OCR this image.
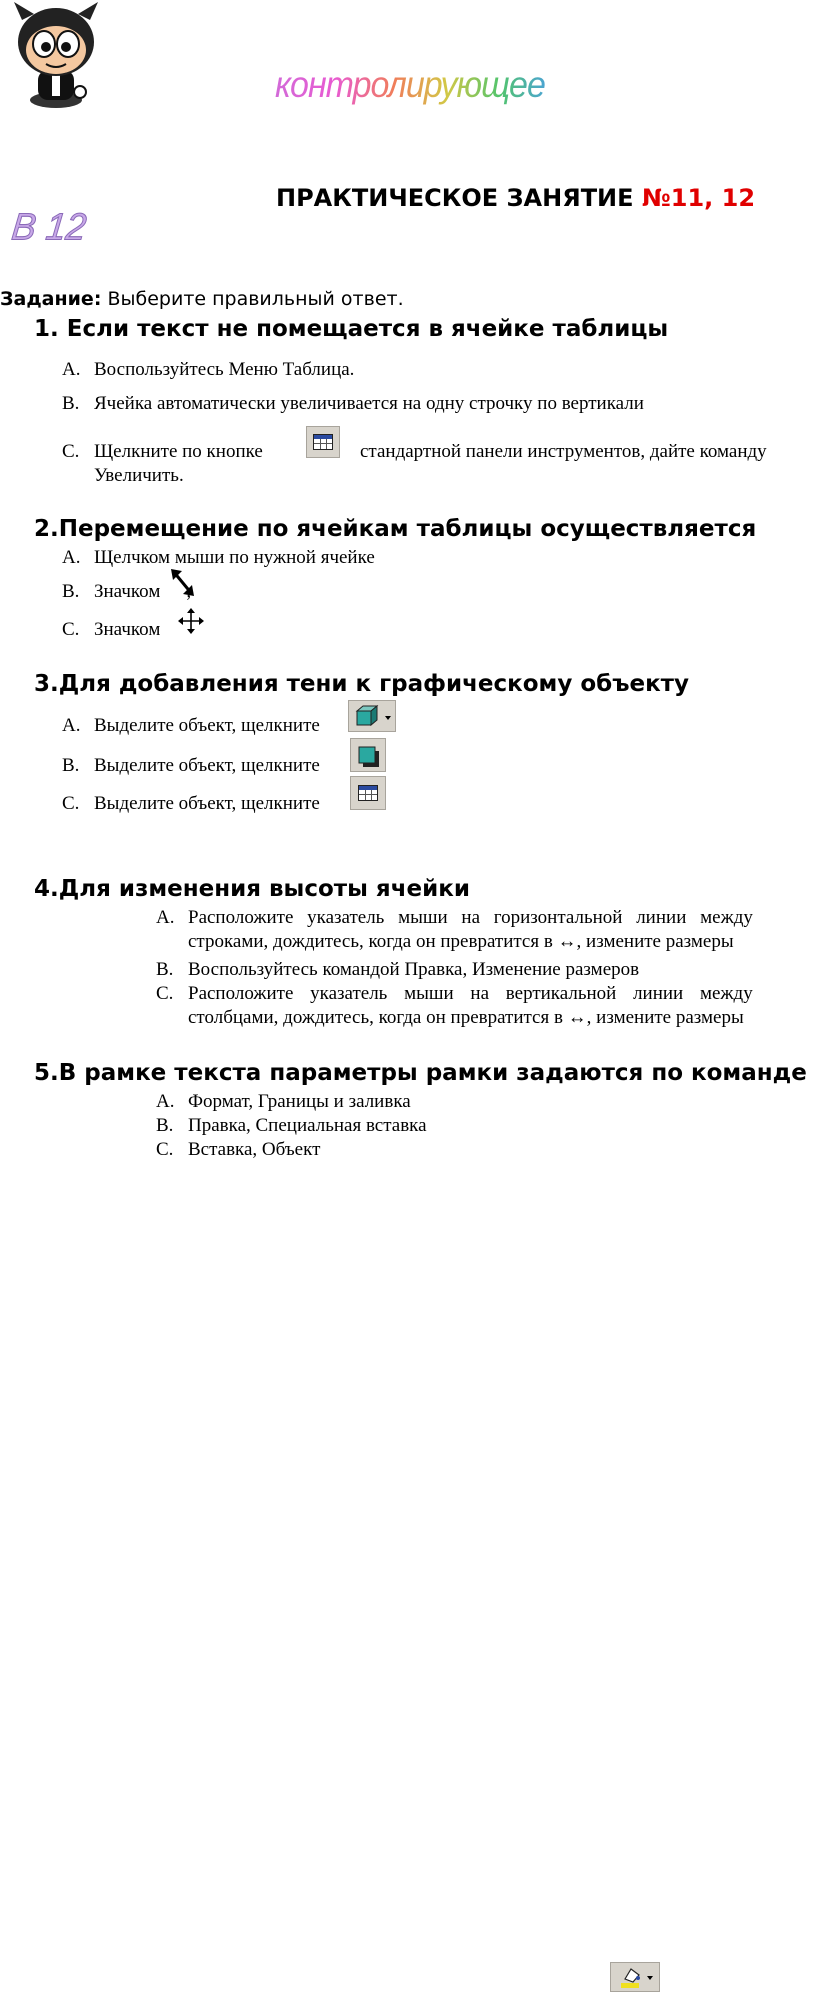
контролирующее задание
В 12
ПРАКТИЧЕСКОЕ ЗАНЯТИЕ №11, 12
Задание: Выберите правильный ответ.
1. Если текст не помещается в ячейке таблицы
A. Воспользуйтесь Меню Таблица.
B. Ячейка автоматически увеличивается на одну строчку по вертикали
C. Щелкните по кнопке	стандартной панели инструментов, дайте команду
Увеличить.
2.Перемещение по ячейкам таблицы осуществляется
A. Щелчком мыши по нужной ячейке
B. Значком
C. Значком
3.Для добавления тени к графическому объекту
A. Выделите объект, щелкните
B. Выделите объект, щелкните
C. Выделите объект, щелкните
4.Для изменения высоты ячейки
A. Расположите указатель мыши на горизонтальной линии между
строками, дождитесь, когда он превратится в ↔, измените размеры
B. Воспользуйтесь командой Правка, Изменение размеров
C. Расположите указатель мыши на вертикальной линии между
столбцами, дождитесь, когда он превратится в ↔, измените размеры
5.В рамке текста параметры рамки задаются по команде
A. Формат, Границы и заливка
B. Правка, Специальная вставка
C. Вставка, Объект
